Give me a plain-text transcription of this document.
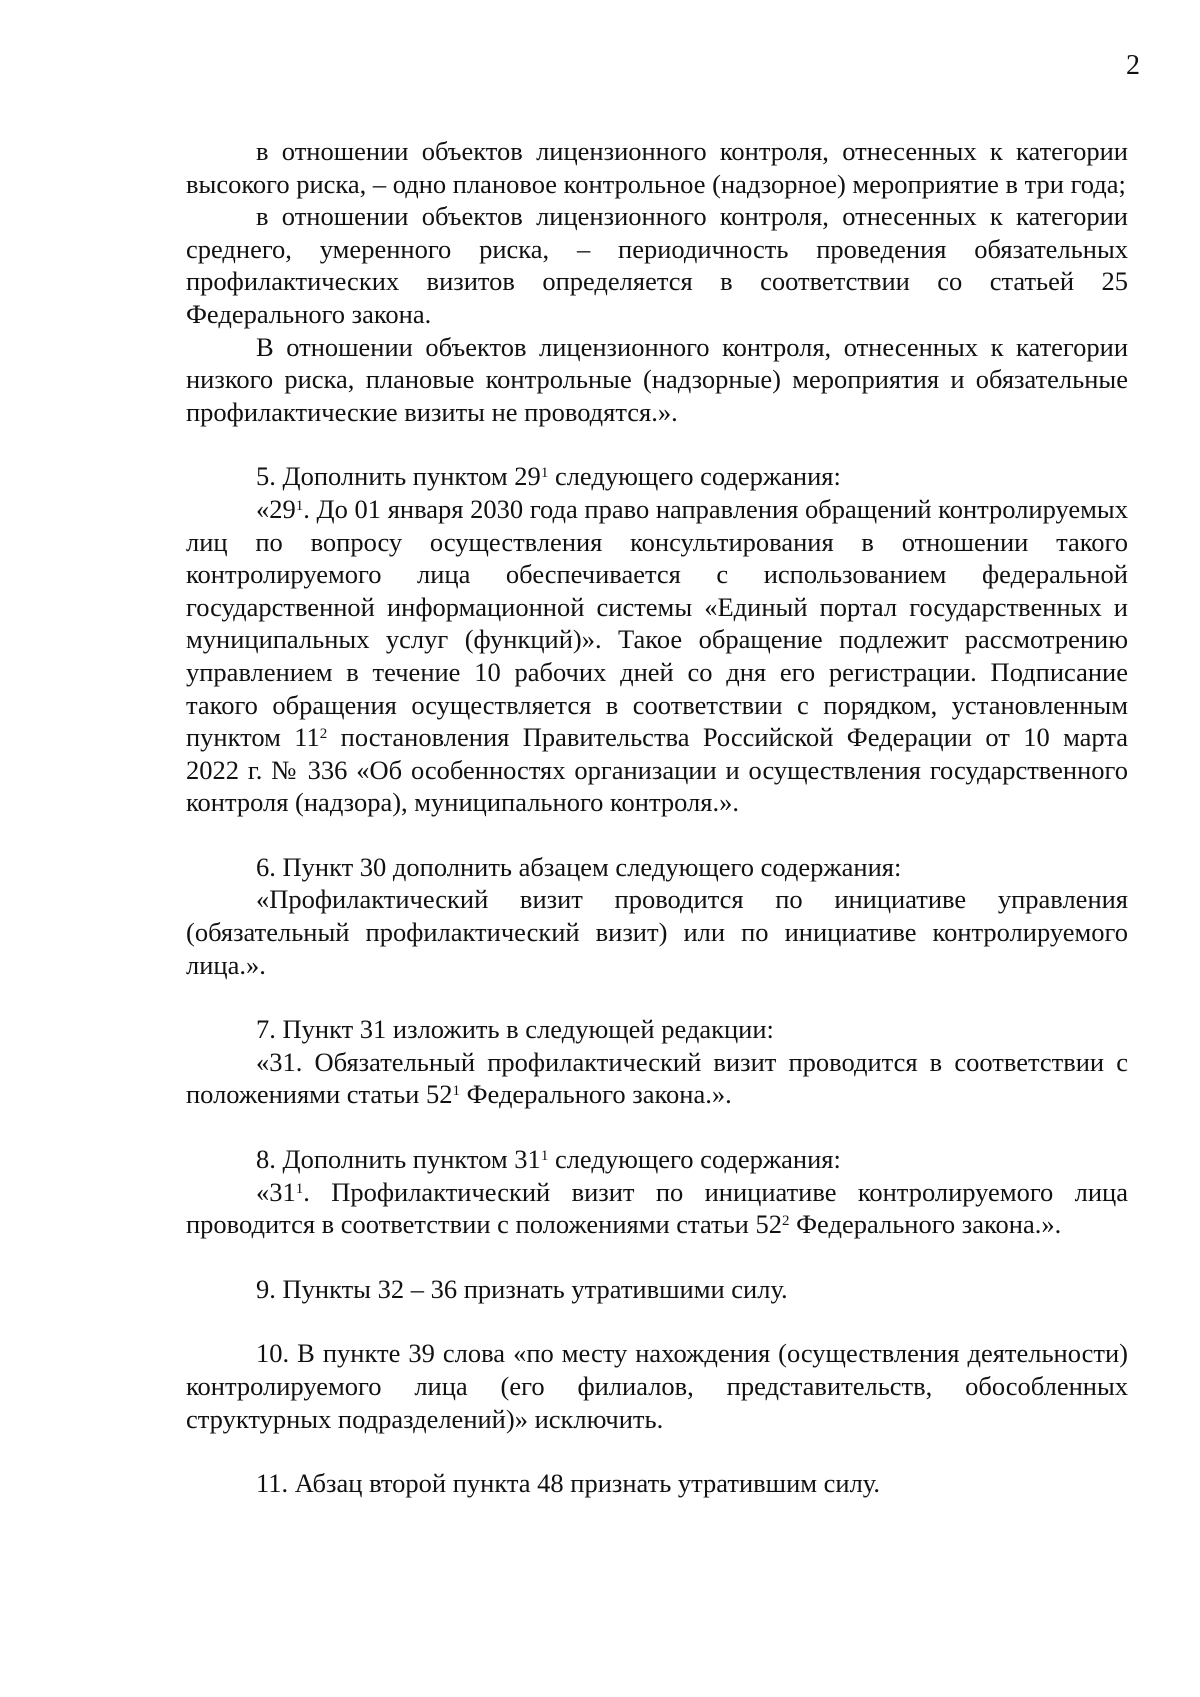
2

в отношении объектов лицензионного контроля, отнесенных к категории высокого риска, – одно плановое контрольное (надзорное) мероприятие в три года;

в отношении объектов лицензионного контроля, отнесенных к категории среднего, умеренного риска, – периодичность проведения обязательных профилактических визитов определяется в соответствии со статьей 25 Федерального закона.

В отношении объектов лицензионного контроля, отнесенных к категории низкого риска, плановые контрольные (надзорные) мероприятия и обязательные профилактические визиты не проводятся.».

5. Дополнить пунктом $29^1$ следующего содержания:

«$29^1$. До 01 января 2030 года право направления обращений контролируемых лиц по вопросу осуществления консультирования в отношении такого контролируемого лица обеспечивается с использованием федеральной государственной информационной системы «Единый портал государственных и муниципальных услуг (функций)». Такое обращение подлежит рассмотрению управлением в течение 10 рабочих дней со дня его регистрации. Подписание такого обращения осуществляется в соответствии с порядком, установленным пунктом $11^2$ постановления Правительства Российской Федерации от 10 марта 2022 г. № 336 «Об особенностях организации и осуществления государственного контроля (надзора), муниципального контроля.».

6. Пункт 30 дополнить абзацем следующего содержания:

«Профилактический визит проводится по инициативе управления (обязательный профилактический визит) или по инициативе контролируемого лица.».

7. Пункт 31 изложить в следующей редакции:

«31. Обязательный профилактический визит проводится в соответствии с положениями статьи $52^1$ Федерального закона.».

8. Дополнить пунктом $31^1$ следующего содержания:

«$31^1$. Профилактический визит по инициативе контролируемого лица проводится в соответствии с положениями статьи $52^2$ Федерального закона.».

9. Пункты 32 – 36 признать утратившими силу.

10. В пункте 39 слова «по месту нахождения (осуществления деятельности) контролируемого лица (его филиалов, представительств, обособленных структурных подразделений)» исключить.

11. Абзац второй пункта 48 признать утратившим силу.
